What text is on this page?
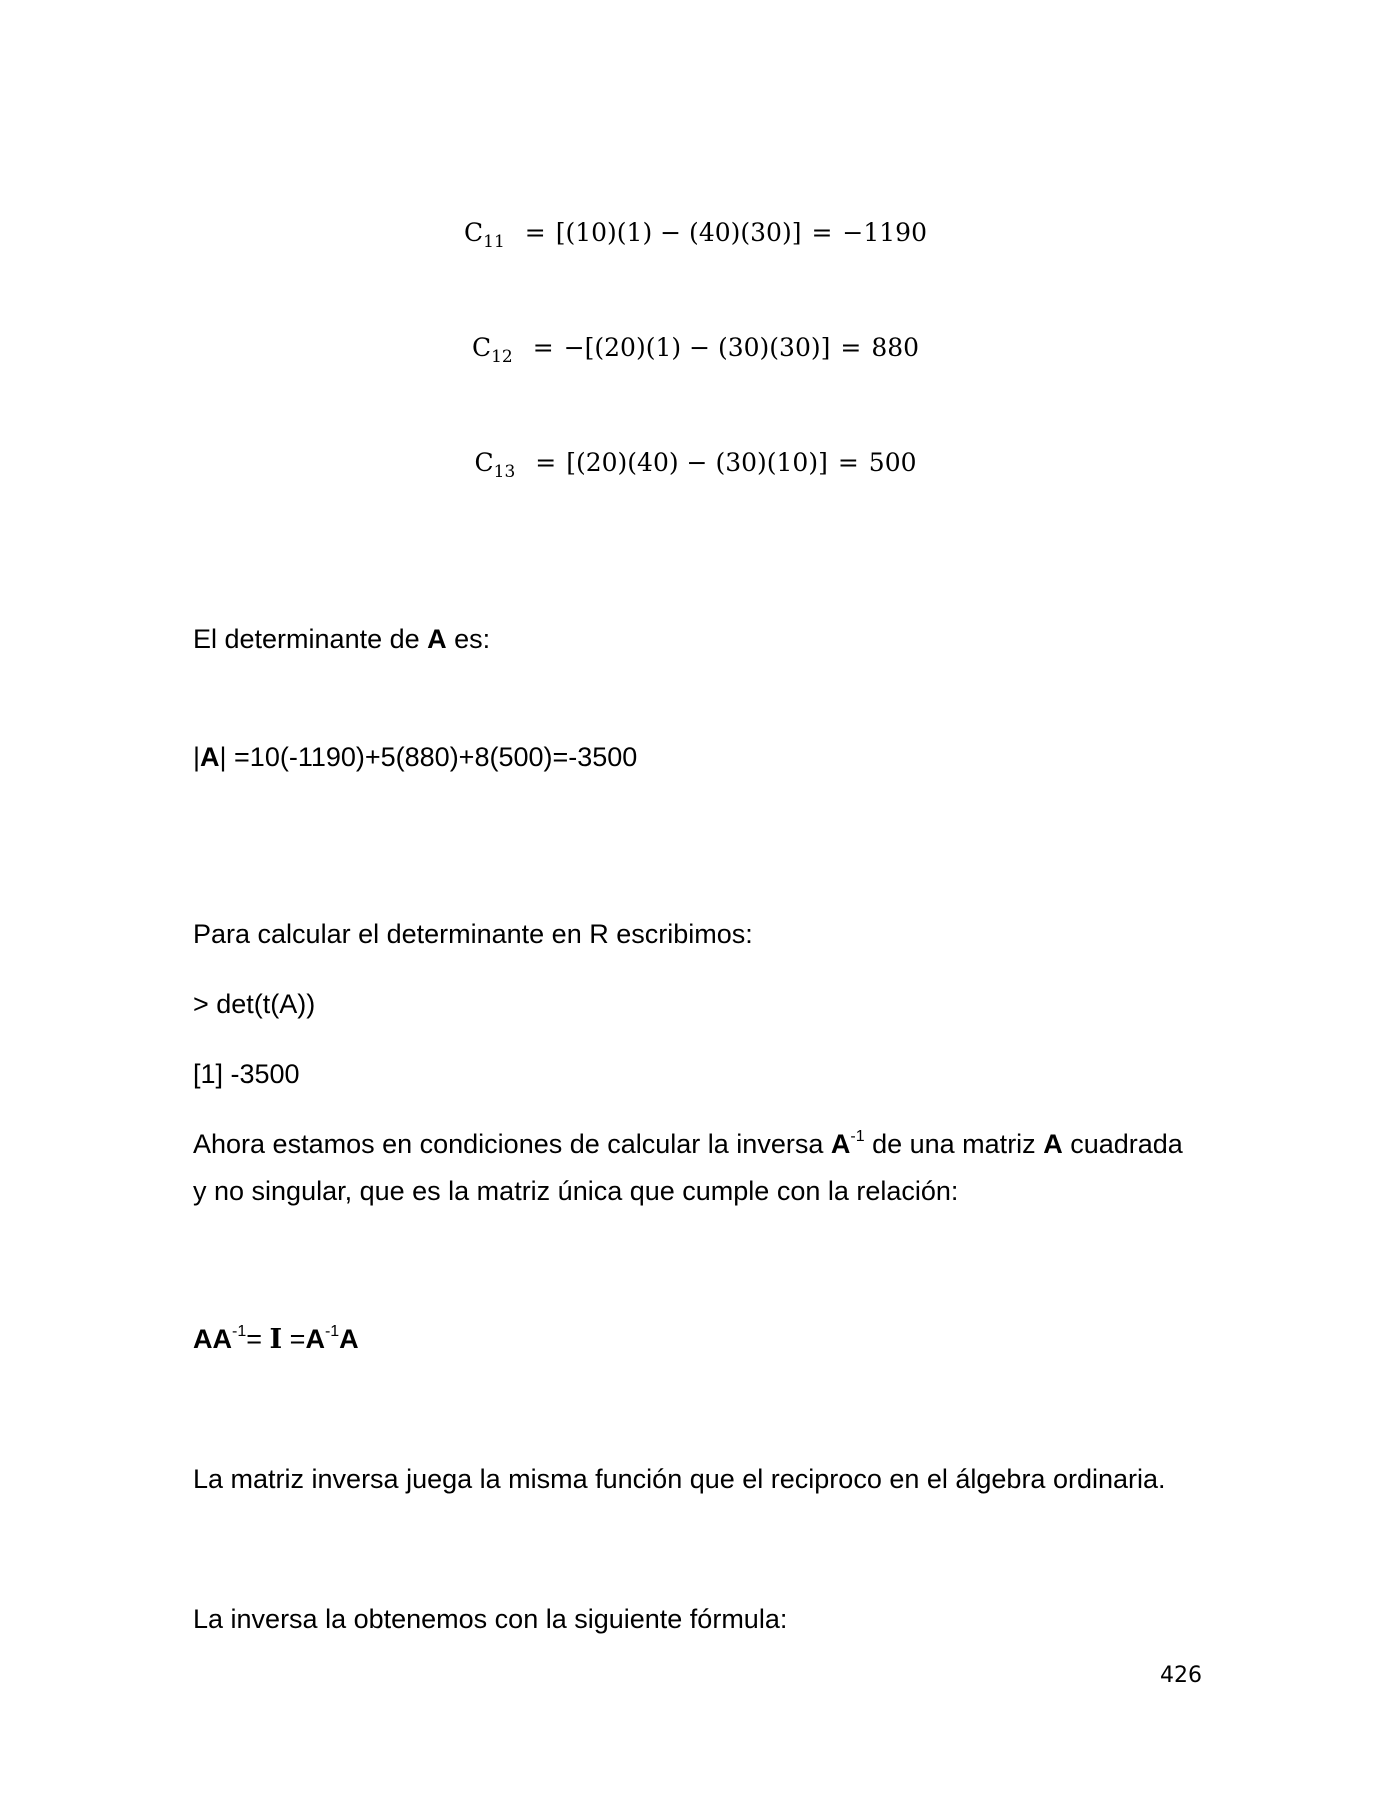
$C_{11} = [(10)(1) - (40)(30)] = -1190$
$C_{12} = -[(20)(1) - (30)(30)] = 880$
$C_{13} = [(20)(40) - (30)(10)] = 500$
El determinante de A es:
|A| =10(-1190)+5(880)+8(500)=-3500
Para calcular el determinante en R escribimos:
> det(t(A))
[1] -3500
Ahora estamos en condiciones de calcular la inversa $A^{-1}$ de una matriz A cuadrada
y no singular, que es la matriz única que cumple con la relación:
$AA^{-1}= I =A^{-1}A$
La matriz inversa juega la misma función que el reciproco en el álgebra ordinaria.
La inversa la obtenemos con la siguiente fórmula:
426
